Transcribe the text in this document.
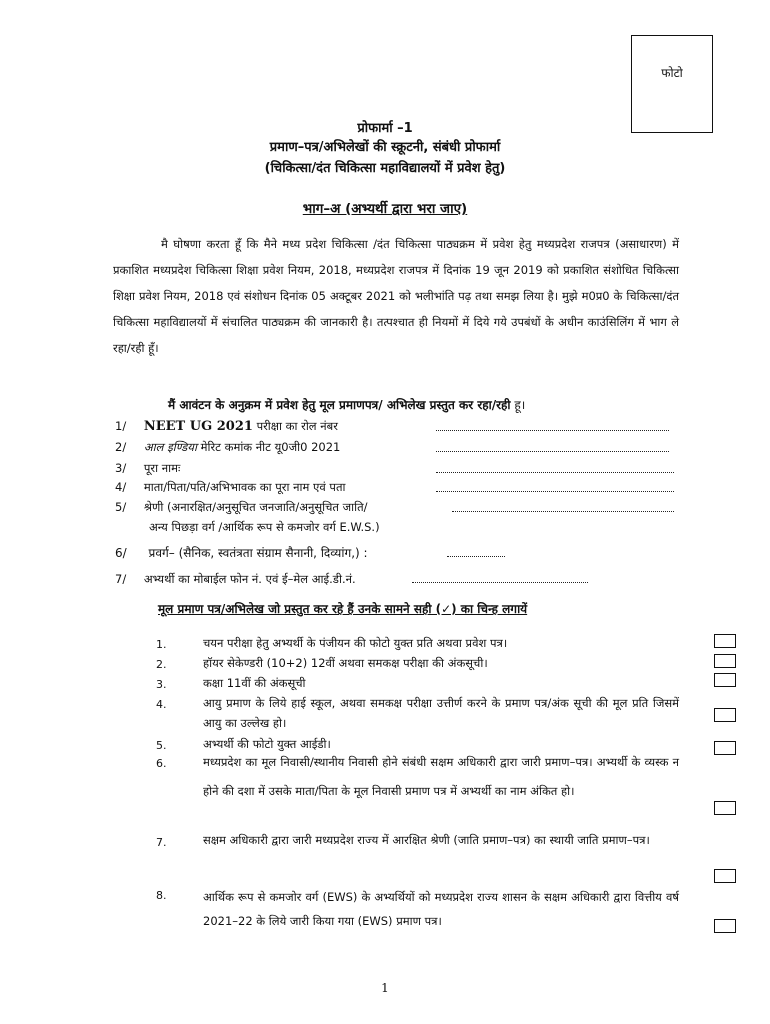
फोटो
प्रोफार्मा –1
प्रमाण–पत्र/अभिलेखों की स्क्रूटनी, संबंधी प्रोफार्मा
(चिकित्सा/दंत चिकित्सा महाविद्यालयों में प्रवेश हेतु)
भाग–अ (अभ्यर्थी द्वारा भरा जाए)

मै घोषणा करता हूँ कि मैने मध्य प्रदेश चिकित्सा /दंत चिकित्सा पाठ्यक्रम में प्रवेश हेतु मध्यप्रदेश राजपत्र (असाधारण) में प्रकाशित मध्यप्रदेश चिकित्सा शिक्षा प्रवेश नियम, 2018, मध्यप्रदेश राजपत्र में दिनांक 19 जून 2019 को प्रकाशित संशोधित चिकित्सा शिक्षा प्रवेश नियम, 2018 एवं संशोधन दिनांक 05 अक्टूबर 2021 को भलीभांति पढ़ तथा समझ लिया है। मुझे म0प्र0 के चिकित्सा/दंत चिकित्सा महाविद्यालयों में संचालित पाठ्यक्रम की जानकारी है। तत्पश्चात ही नियमों में दिये गये उपबंधों के अधीन काउंसिलिंग में भाग ले रहा/रही हूँ।

मैं आवंटन के अनुक्रम में प्रवेश हेतु मूल प्रमाणपत्र/ अभिलेख प्रस्तुत कर रहा/रही हू।
1/ NEET UG 2021 परीक्षा का रोल नंबर
2/ आल इण्डिया मेरिट कमांक नीट यू0जी0 2021
3/ पूरा नामः
4/ माता/पिता/पति/अभिभावक का पूरा नाम एवं पता
5/ श्रेणी (अनारक्षित/अनुसूचित जनजाति/अनुसूचित जाति/
अन्य पिछड़ा वर्ग /आर्थिक रूप से कमजोर वर्ग E.W.S.)
6/ प्रवर्ग– (सैनिक, स्वतंत्रता संग्राम सैनानी, दिव्यांग,) :
7/ अभ्यर्थी का मोबाईल फोन नं. एवं ई–मेल आई.डी.नं.
मूल प्रमाण पत्र/अभिलेख जो प्रस्तुत कर रहे हैं उनके सामने सही (✓) का चिन्ह लगायें
1.	चयन परीक्षा हेतु अभ्यर्थी के पंजीयन की फोटो युक्त प्रति अथवा प्रवेश पत्र।
2.	हॉयर सेकेण्डरी (10+2) 12वीं अथवा समकक्ष परीक्षा की अंकसूची।
3.	कक्षा 11वीं की अंकसूची
4.	आयु प्रमाण के लिये हाई स्कूल, अथवा समकक्ष परीक्षा उत्तीर्ण करने के प्रमाण पत्र/अंक सूची की मूल प्रति जिसमें आयु का उल्लेख हो।
5.	अभ्यर्थी की फोटो युक्त आईडी।
6.	मध्यप्रदेश का मूल निवासी/स्थानीय निवासी होने संबंधी सक्षम अधिकारी द्वारा जारी प्रमाण–पत्र। अभ्यर्थी के व्यस्क न होने की दशा में उसके माता/पिता के मूल निवासी प्रमाण पत्र में अभ्यर्थी का नाम अंकित हो।
7.	सक्षम अधिकारी द्वारा जारी मध्यप्रदेश राज्य में आरक्षित श्रेणी (जाति प्रमाण–पत्र) का स्थायी जाति प्रमाण–पत्र।
8.	आर्थिक रूप से कमजोर वर्ग (EWS) के अभ्यर्थियों को मध्यप्रदेश राज्य शासन के सक्षम अधिकारी द्वारा वित्तीय वर्ष 2021–22 के लिये जारी किया गया (EWS) प्रमाण पत्र।
1
